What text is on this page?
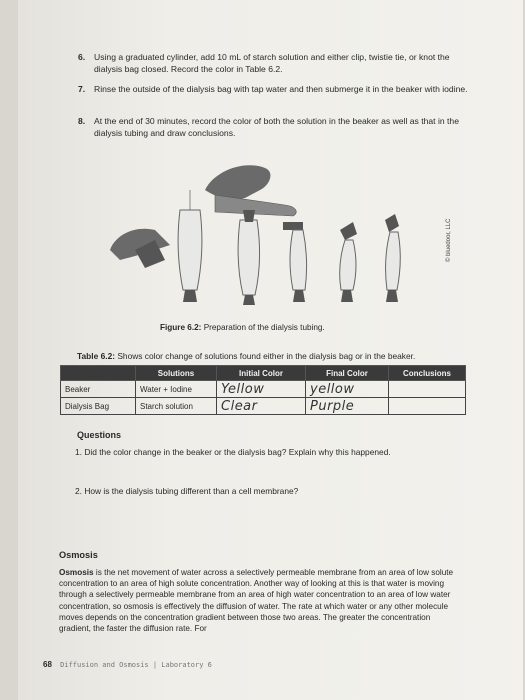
6. Using a graduated cylinder, add 10 mL of starch solution and either clip, twistie tie, or knot the dialysis bag closed. Record the color in Table 6.2.
7. Rinse the outside of the dialysis bag with tap water and then submerge it in the beaker with iodine.
8. At the end of 30 minutes, record the color of both the solution in the beaker as well as that in the dialysis tubing and draw conclusions.
© bluedoor, LLC
Figure 6.2: Preparation of the dialysis tubing.
Table 6.2: Shows color change of solutions found either in the dialysis bag or in the beaker.
	Solutions	Initial Color	Final Color	Conclusions
Beaker	Water + Iodine	Yellow	yellow	
Dialysis Bag	Starch solution	Clear	Purple	
Questions
1. Did the color change in the beaker or the dialysis bag? Explain why this happened.
2. How is the dialysis tubing different than a cell membrane?
Osmosis
Osmosis is the net movement of water across a selectively permeable membrane from an area of low solute concentration to an area of high solute concentration. Another way of looking at this is that water is moving through a selectively permeable membrane from an area of high water concentration to an area of low water concentration, so osmosis is effectively the diffusion of water. The rate at which water or any other molecule moves depends on the concentration gradient between those two areas. The greater the concentration gradient, the faster the diffusion rate. For
68 Diffusion and Osmosis | Laboratory 6
